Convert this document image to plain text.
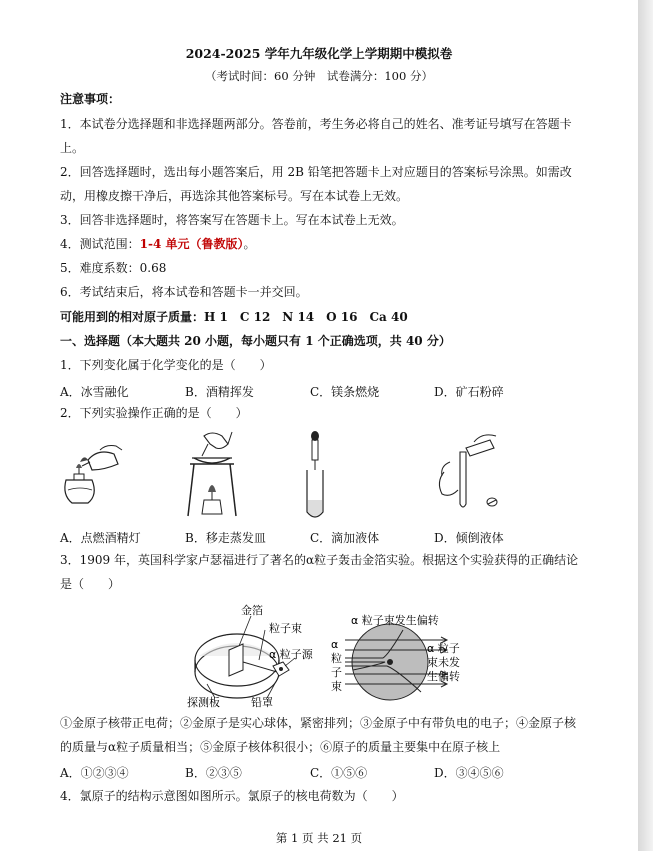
2024-2025 学年九年级化学上学期期中模拟卷
（考试时间：60 分钟　试卷满分：100 分）
注意事项：
1．本试卷分选择题和非选择题两部分。答卷前，考生务必将自己的姓名、准考证号填写在答题卡
上。
2．回答选择题时，选出每小题答案后，用 2B 铅笔把答题卡上对应题目的答案标号涂黑。如需改
动，用橡皮擦干净后，再选涂其他答案标号。写在本试卷上无效。
3．回答非选择题时，将答案写在答题卡上。写在本试卷上无效。
4．测试范围：1-4 单元（鲁教版）。
5．难度系数：0.68
6．考试结束后，将本试卷和答题卡一并交回。
可能用到的相对原子质量：H 1　C 12　N 14　O 16　Ca 40
一、选择题（本大题共 20 小题，每小题只有 1 个正确选项，共 40 分）
1．下列变化属于化学变化的是（　　）
A．冰雪融化	B．酒精挥发	C．镁条燃烧	D．矿石粉碎
2．下列实验操作正确的是（　　）
A．点燃酒精灯	B．移走蒸发皿	C．滴加液体	D．倾倒液体
3．1909 年，英国科学家卢瑟福进行了著名的α粒子轰击金箔实验。根据这个实验获得的正确结论
是（　　）
金箔
粒子束
α 粒子源
探测板	铅罩
α 粒子束发生偏转
α
粒
子
束
α 粒子
束未发
生偏转
①金原子核带正电荷；②金原子是实心球体，紧密排列；③金原子中有带负电的电子；④金原子核
的质量与α粒子质量相当；⑤金原子核体积很小；⑥原子的质量主要集中在原子核上
A．①②③④	B．②③⑤	C．①⑤⑥	D．③④⑤⑥
4．氯原子的结构示意图如图所示。氯原子的核电荷数为（　　）
第 1 页 共 21 页
